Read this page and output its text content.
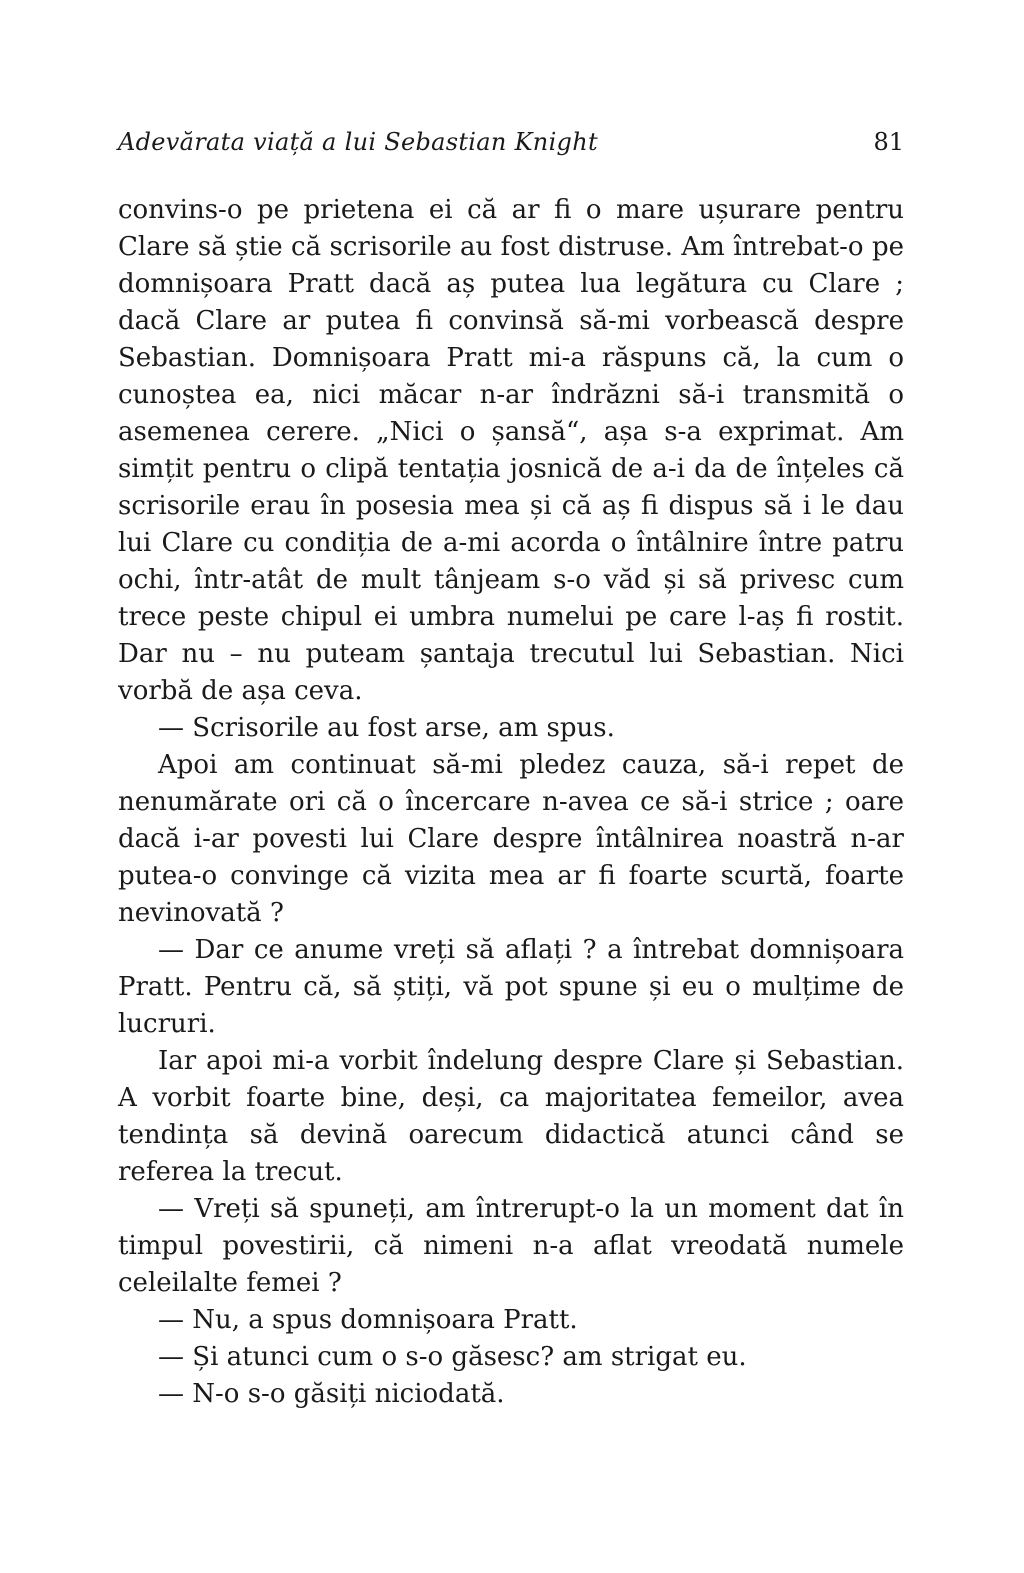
Adevărata viață a lui Sebastian Knight	81

convins-o pe prietena ei că ar fi o mare ușurare pentru Clare să știe că scrisorile au fost distruse. Am întrebat-o pe domnișoara Pratt dacă aș putea lua legătura cu Clare ; dacă Clare ar putea fi convinsă să-mi vorbească despre Sebastian. Domnișoara Pratt mi-a răspuns că, la cum o cunoștea ea, nici măcar n-ar îndrăzni să-i transmită o asemenea cerere. „Nici o șansă“, așa s-a exprimat. Am simțit pentru o clipă tentația josnică de a-i da de înțeles că scrisorile erau în posesia mea și că aș fi dispus să i le dau lui Clare cu condiția de a-mi acorda o întâlnire între patru ochi, într-atât de mult tânjeam s-o văd și să privesc cum trece peste chipul ei umbra numelui pe care l-aș fi rostit. Dar nu – nu puteam șantaja trecutul lui Sebastian. Nici vorbă de așa ceva.

— Scrisorile au fost arse, am spus.

Apoi am continuat să-mi pledez cauza, să-i repet de nenumărate ori că o încercare n-avea ce să-i strice ; oare dacă i-ar povesti lui Clare despre întâlnirea noastră n-ar putea-o convinge că vizita mea ar fi foarte scurtă, foarte nevinovată ?

— Dar ce anume vreți să aflați ? a întrebat domnișoara Pratt. Pentru că, să știți, vă pot spune și eu o mulțime de lucruri.

Iar apoi mi-a vorbit îndelung despre Clare și Sebastian. A vorbit foarte bine, deși, ca majoritatea femeilor, avea tendința să devină oarecum didactică atunci când se referea la trecut.

— Vreți să spuneți, am întrerupt-o la un moment dat în timpul povestirii, că nimeni n-a aflat vreodată numele celeilalte femei ?

— Nu, a spus domnișoara Pratt.

— Și atunci cum o s-o găsesc? am strigat eu.

— N-o s-o găsiți niciodată.
